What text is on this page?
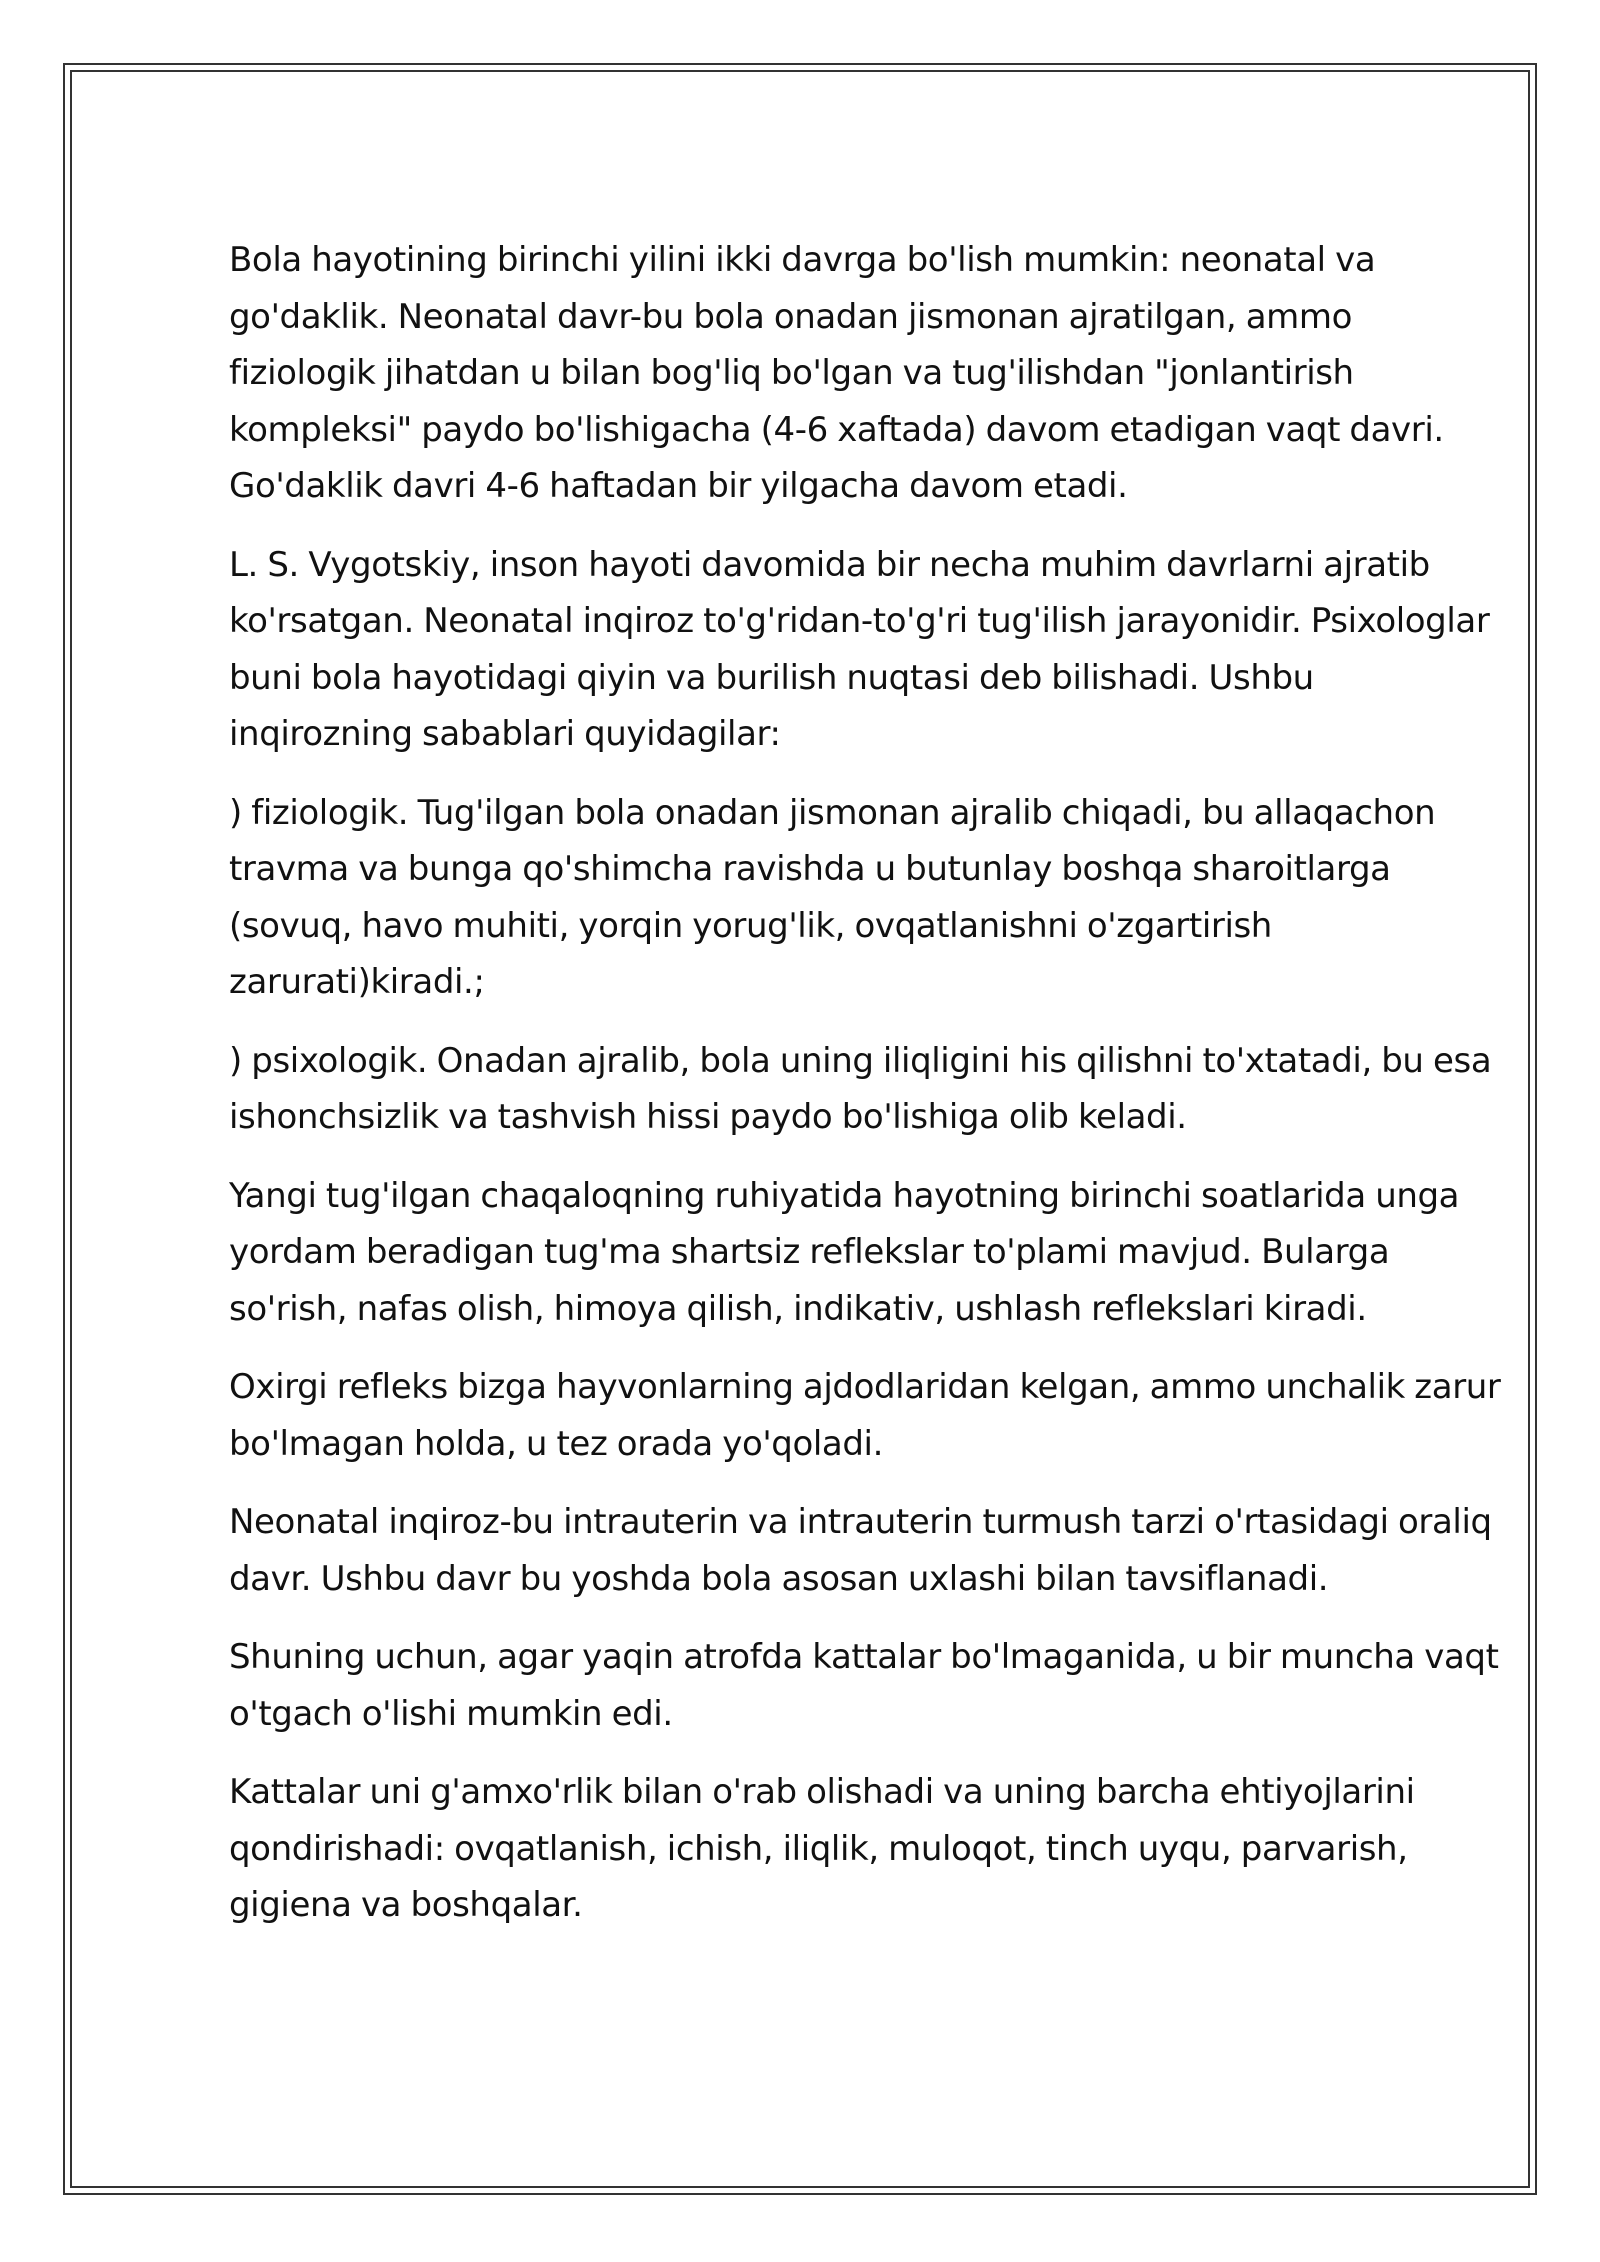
Bola hayotining birinchi yilini ikki davrga bo'lish mumkin: neonatal va go'daklik. Neonatal davr-bu bola onadan jismonan ajratilgan, ammo fiziologik jihatdan u bilan bog'liq bo'lgan va tug'ilishdan "jonlantirish kompleksi" paydo bo'lishigacha (4-6 xaftada) davom etadigan vaqt davri. Go'daklik davri 4-6 haftadan bir yilgacha davom etadi.

L. S. Vygotskiy, inson hayoti davomida bir necha muhim davrlarni ajratib ko'rsatgan. Neonatal inqiroz to'g'ridan-to'g'ri tug'ilish jarayonidir. Psixologlar buni bola hayotidagi qiyin va burilish nuqtasi deb bilishadi. Ushbu inqirozning sabablari quyidagilar:

) fiziologik. Tug'ilgan bola onadan jismonan ajralib chiqadi, bu allaqachon travma va bunga qo'shimcha ravishda u butunlay boshqa sharoitlarga (sovuq, havo muhiti, yorqin yorug'lik, ovqatlanishni o'zgartirish zarurati)kiradi.;

) psixologik. Onadan ajralib, bola uning iliqligini his qilishni to'xtatadi, bu esa ishonchsizlik va tashvish hissi paydo bo'lishiga olib keladi.

Yangi tug'ilgan chaqaloqning ruhiyatida hayotning birinchi soatlarida unga yordam beradigan tug'ma shartsiz reflekslar to'plami mavjud. Bularga so'rish, nafas olish, himoya qilish, indikativ, ushlash reflekslari kiradi.

Oxirgi refleks bizga hayvonlarning ajdodlaridan kelgan, ammo unchalik zarur bo'lmagan holda, u tez orada yo'qoladi.

Neonatal inqiroz-bu intrauterin va intrauterin turmush tarzi o'rtasidagi oraliq davr. Ushbu davr bu yoshda bola asosan uxlashi bilan tavsiflanadi.

Shuning uchun, agar yaqin atrofda kattalar bo'lmaganida, u bir muncha vaqt o'tgach o'lishi mumkin edi.

Kattalar uni g'amxo'rlik bilan o'rab olishadi va uning barcha ehtiyojlarini qondirishadi: ovqatlanish, ichish, iliqlik, muloqot, tinch uyqu, parvarish, gigiena va boshqalar.
